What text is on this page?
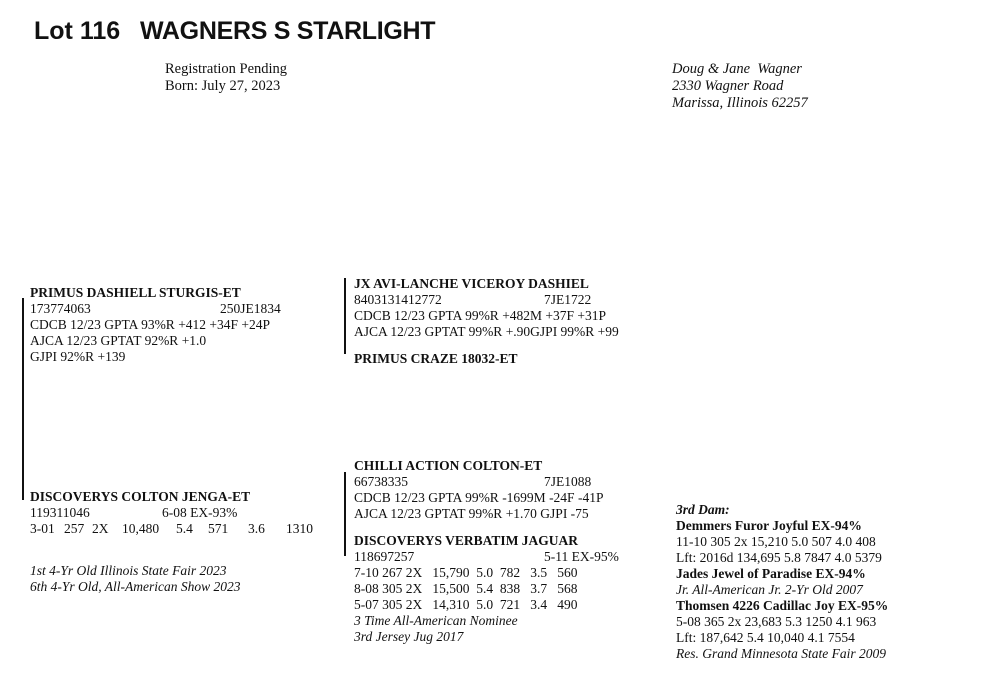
Lot 116 WAGNERS S STARLIGHT
Registration Pending
Born: July 27, 2023
Doug & Jane  Wagner
2330 Wagner Road
Marissa, Illinois 62257
PRIMUS DASHIELL STURGIS-ET
173774063	250JE1834
CDCB 12/23 GPTA 93%R +412 +34F +24P
AJCA 12/23 GPTAT 92%R +1.0
GJPI 92%R +139
JX AVI-LANCHE VICEROY DASHIEL
8403131412772	7JE1722
CDCB 12/23 GPTA 99%R +482M +37F +31P
AJCA 12/23 GPTAT 99%R +.90GJPI 99%R +99
PRIMUS CRAZE 18032-ET
CHILLI ACTION COLTON-ET
66738335	7JE1088
CDCB 12/23 GPTA 99%R -1699M -24F -41P
AJCA 12/23 GPTAT 99%R +1.70 GJPI -75
DISCOVERYS COLTON JENGA-ET
119311046	6-08 EX-93%
3-01 257 2X 10,480 5.4 571 3.6 1310
1st 4-Yr Old Illinois State Fair 2023
6th 4-Yr Old, All-American Show 2023
DISCOVERYS VERBATIM JAGUAR
118697257	5-11 EX-95%
7-10 267 2X   15,790  5.0  782   3.5   560
8-08 305 2X   15,500  5.4  838   3.7   568
5-07 305 2X   14,310  5.0  721   3.4   490
3 Time All-American Nominee
3rd Jersey Jug 2017
3rd Dam:
Demmers Furor Joyful EX-94%
11-10 305 2x 15,210 5.0 507 4.0 408
Lft: 2016d 134,695 5.8 7847 4.0 5379
Jades Jewel of Paradise EX-94%
Jr. All-American Jr. 2-Yr Old 2007
Thomsen 4226 Cadillac Joy EX-95%
5-08 365 2x 23,683 5.3 1250 4.1 963
Lft: 187,642 5.4 10,040 4.1 7554
Res. Grand Minnesota State Fair 2009
